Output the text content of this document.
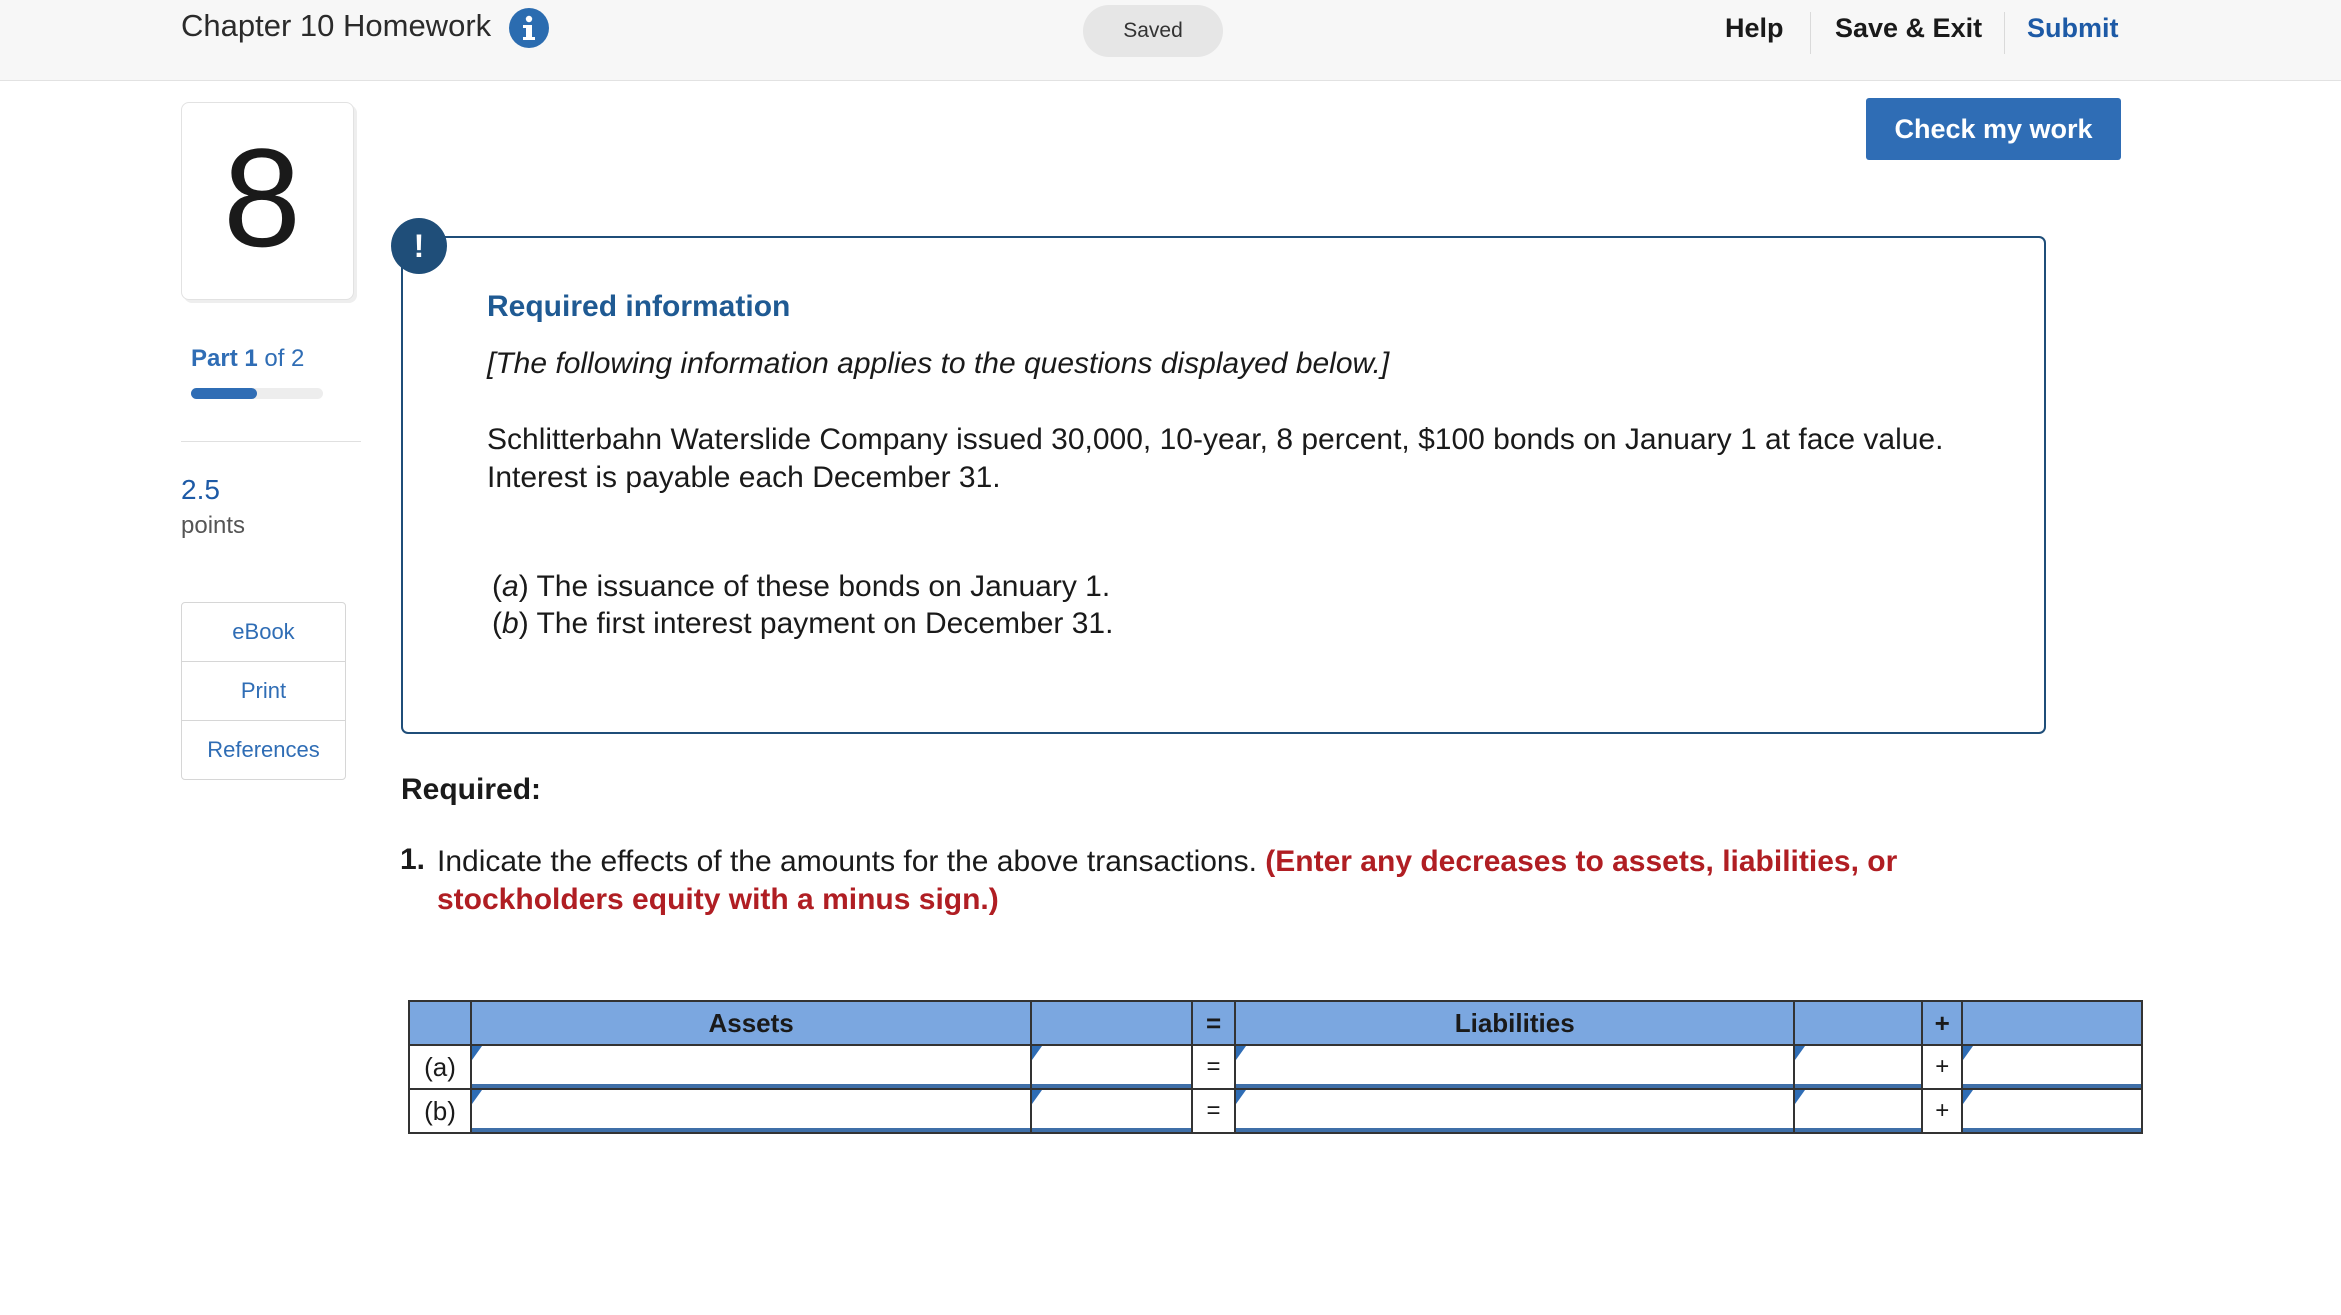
Chapter 10 Homework	Saved	Help Save & Exit Submit
Check my work
8
Part 1 of 2
2.5
points
eBook
Print
References
!
Required information
[The following information applies to the questions displayed below.]
Schlitterbahn Waterslide Company issued 30,000, 10-year, 8 percent, $100 bonds on January 1 at face value. Interest is payable each December 31.
(a) The issuance of these bonds on January 1.
(b) The first interest payment on December 31.
Required:
1. Indicate the effects of the amounts for the above transactions. (Enter any decreases to assets, liabilities, or stockholders equity with a minus sign.)
	Assets		=	Liabilities		+	
(a)			=			+	

(b)			=			+	
